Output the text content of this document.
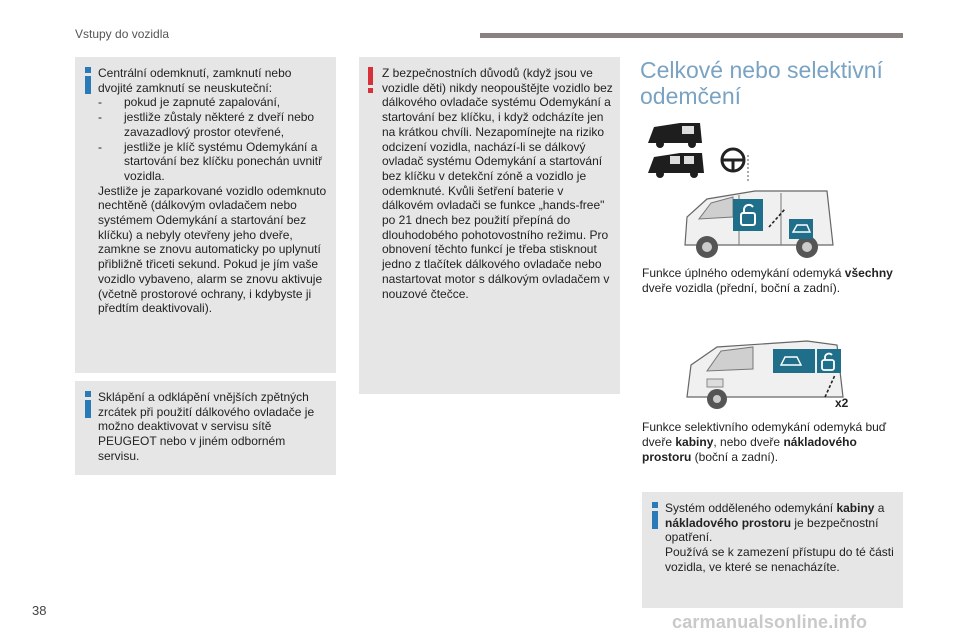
Vstupy do vozidla

Centrální odemknutí, zamknutí nebo dvojité zamknutí se neuskuteční:

- pokud je zapnuté zapalování,
- jestliže zůstaly některé z dveří nebo zavazadlový prostor otevřené,
- jestliže je klíč systému Odemykání a startování bez klíčku ponechán uvnitř vozidla.

Jestliže je zaparkované vozidlo odemknuto nechtěně (dálkovým ovladačem nebo systémem Odemykání a startování bez klíčku) a nebyly otevřeny jeho dveře, zamkne se znovu automaticky po uplynutí přibližně třiceti sekund. Pokud je jím vaše vozidlo vybaveno, alarm se znovu aktivuje (včetně prostorové ochrany, i kdybyste ji předtím deaktivovali).

Sklápění a odklápění vnějších zpětných zrcátek při použití dálkového ovladače je možno deaktivovat v servisu sítě PEUGEOT nebo v jiném odborném servisu.

Z bezpečnostních důvodů (když jsou ve vozidle děti) nikdy neopouštějte vozidlo bez dálkového ovladače systému Odemykání a startování bez klíčku, i když odcházíte jen na krátkou chvíli. Nezapomínejte na riziko odcizení vozidla, nachází-li se dálkový ovladač systému Odemykání a startování bez klíčku v detekční zóně a vozidlo je odemknuté. Kvůli šetření baterie v dálkovém ovladači se funkce „hands-free" po 21 dnech bez použití přepíná do dlouhodobého pohotovostního režimu. Pro obnovení těchto funkcí je třeba stisknout jedno z tlačítek dálkového ovladače nebo nastartovat motor s dálkovým ovladačem v nouzové čtečce.

Celkové nebo selektivní
odemčení
Funkce úplného odemykání odemyká všechny dveře vozidla (přední, boční a zadní).
x2
Funkce selektivního odemykání odemyká buď dveře kabiny, nebo dveře nákladového prostoru (boční a zadní).

Systém odděleného odemykání kabiny a nákladového prostoru je bezpečnostní opatření.

Používá se k zamezení přístupu do té části vozidla, ve které se nenacházíte.

38
carmanualsonline.info
